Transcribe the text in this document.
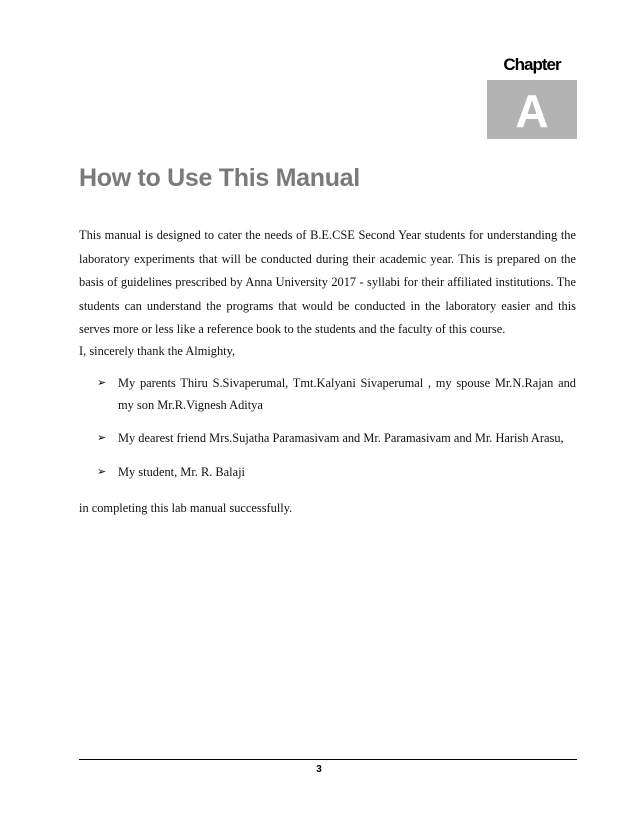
Chapter
A
How to Use This Manual

This manual is designed to cater the needs of B.E.CSE Second Year students for understanding the laboratory experiments that will be conducted during their academic year. This is prepared on the basis of guidelines prescribed by Anna University 2017 - syllabi for their affiliated institutions. The students can understand the programs that would be conducted in the laboratory easier and this serves more or less like a reference book to the students and the faculty of this course.

I, sincerely thank the Almighty,

➢ My parents Thiru S.Sivaperumal, Tmt.Kalyani Sivaperumal , my spouse Mr.N.Rajan and my son Mr.R.Vignesh Aditya
➢ My dearest friend Mrs.Sujatha Paramasivam and Mr. Paramasivam and Mr. Harish Arasu,
➢ My student, Mr. R. Balaji

in completing this lab manual successfully.

3
